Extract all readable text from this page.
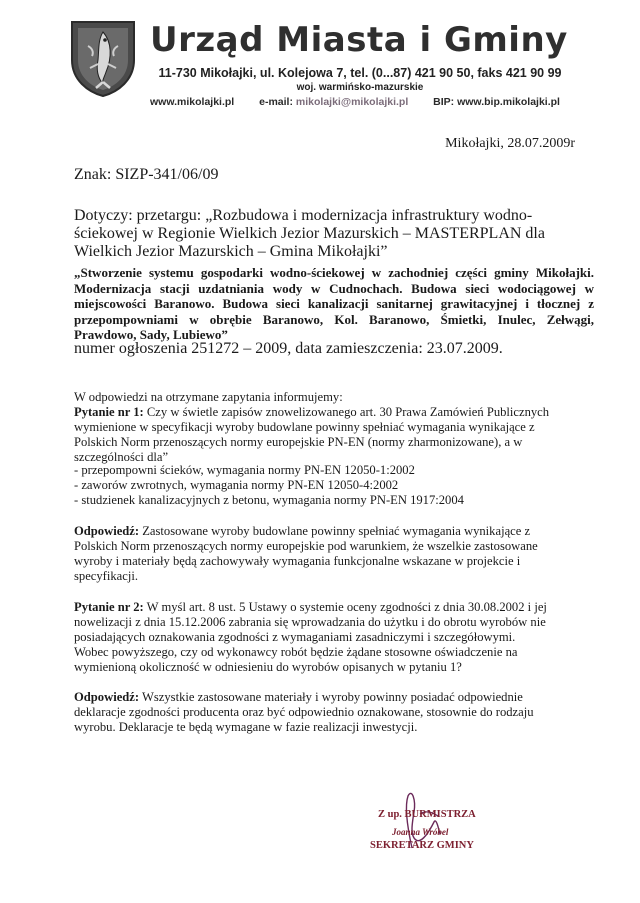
Urząd Miasta i Gminy
11-730 Mikołajki, ul. Kolejowa 7, tel. (0...87) 421 90 50, faks 421 90 99
woj. warmińsko-mazurskie
www.mikolajki.pl e-mail: mikolajki@mikolajki.pl BIP: www.bip.mikolajki.pl
Mikołajki, 28.07.2009r
Znak: SIZP-341/06/09
Dotyczy: przetargu: „Rozbudowa i modernizacja infrastruktury wodno-
ściekowej w Regionie Wielkich Jezior Mazurskich – MASTERPLAN dla
Wielkich Jezior Mazurskich – Gmina Mikołajki”
„Stworzenie systemu gospodarki wodno-ściekowej w zachodniej części gminy Mikołajki. Modernizacja stacji uzdatniania wody w Cudnochach. Budowa sieci wodociągowej w miejscowości Baranowo. Budowa sieci kanalizacji sanitarnej grawitacyjnej i tłocznej z przepompowniami w obrębie Baranowo, Kol. Baranowo, Śmietki, Inulec, Zełwągi, Prawdowo, Sady, Lubiewo”
numer ogłoszenia 251272 – 2009, data zamieszczenia: 23.07.2009.
W odpowiedzi na otrzymane zapytania informujemy:
Pytanie nr 1: Czy w świetle zapisów znowelizowanego art. 30 Prawa Zamówień Publicznych
wymienione w specyfikacji wyroby budowlane powinny spełniać wymagania wynikające z
Polskich Norm przenoszących normy europejskie PN-EN (normy zharmonizowane), a w
szczególności dla”
- przepompowni ścieków, wymagania normy PN-EN 12050-1:2002
- zaworów zwrotnych, wymagania normy PN-EN 12050-4:2002
- studzienek kanalizacyjnych z betonu, wymagania normy PN-EN 1917:2004
Odpowiedź: Zastosowane wyroby budowlane powinny spełniać wymagania wynikające z
Polskich Norm przenoszących normy europejskie pod warunkiem, że wszelkie zastosowane
wyroby i materiały będą zachowywały wymagania funkcjonalne wskazane w projekcie i
specyfikacji.
Pytanie nr 2: W myśl art. 8 ust. 5 Ustawy o systemie oceny zgodności z dnia 30.08.2002 i jej
nowelizacji z dnia 15.12.2006 zabrania się wprowadzania do użytku i do obrotu wyrobów nie
posiadających oznakowania zgodności z wymaganiami zasadniczymi i szczegółowymi.
Wobec powyższego, czy od wykonawcy robót będzie żądane stosowne oświadczenie na
wymienioną okoliczność w odniesieniu do wyrobów opisanych w pytaniu 1?
Odpowiedź: Wszystkie zastosowane materiały i wyroby powinny posiadać odpowiednie
deklaracje zgodności producenta oraz być odpowiednio oznakowane, stosownie do rodzaju
wyrobu. Deklaracje te będą wymagane w fazie realizacji inwestycji.
Z up. BURMISTRZA
Joanna Wróbel
SEKRETARZ GMINY
